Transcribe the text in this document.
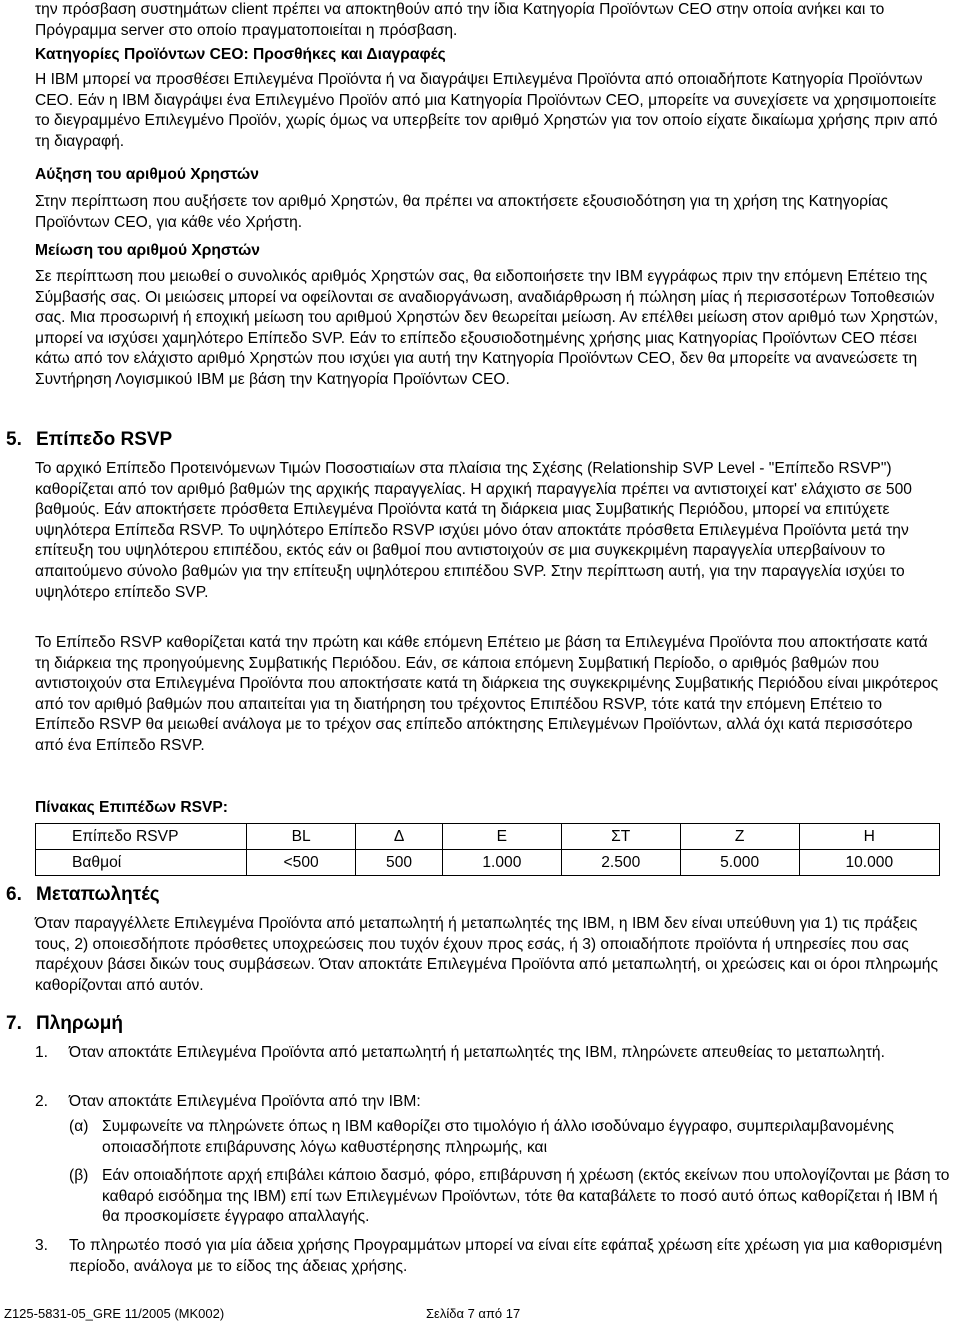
την πρόσβαση συστημάτων client πρέπει να αποκτηθούν από την ίδια Κατηγορία Προϊόντων CEO στην οποία ανήκει και το Πρόγραμμα server στο οποίο πραγματοποιείται η πρόσβαση.

Κατηγορίες Προϊόντων CEO: Προσθήκες και Διαγραφές

Η IBM μπορεί να προσθέσει Επιλεγμένα Προϊόντα ή να διαγράψει Επιλεγμένα Προϊόντα από οποιαδήποτε Κατηγορία Προϊόντων CEO. Εάν η IBM διαγράψει ένα Επιλεγμένο Προϊόν από μια Κατηγορία Προϊόντων CEO, μπορείτε να συνεχίσετε να χρησιμοποιείτε το διεγραμμένο Επιλεγμένο Προϊόν, χωρίς όμως να υπερβείτε τον αριθμό Χρηστών για τον οποίο είχατε δικαίωμα χρήσης πριν από τη διαγραφή.

Αύξηση του αριθμού Χρηστών

Στην περίπτωση που αυξήσετε τον αριθμό Χρηστών, θα πρέπει να αποκτήσετε εξουσιοδότηση για τη χρήση της Κατηγορίας Προϊόντων CEO, για κάθε νέο Χρήστη.

Μείωση του αριθμού Χρηστών

Σε περίπτωση που μειωθεί ο συνολικός αριθμός Χρηστών σας, θα ειδοποιήσετε την IBM εγγράφως πριν την επόμενη Επέτειο της Σύμβασής σας. Οι μειώσεις μπορεί να οφείλονται σε αναδιοργάνωση, αναδιάρθρωση ή πώληση μίας ή περισσοτέρων Τοποθεσιών σας. Μια προσωρινή ή εποχική μείωση του αριθμού Χρηστών δεν θεωρείται μείωση. Αν επέλθει μείωση στον αριθμό των Χρηστών, μπορεί να ισχύσει χαμηλότερο Επίπεδο SVP. Εάν το επίπεδο εξουσιοδοτημένης χρήσης μιας Κατηγορίας Προϊόντων CEO πέσει κάτω από τον ελάχιστο αριθμό Χρηστών που ισχύει για αυτή την Κατηγορία Προϊόντων CEO, δεν θα μπορείτε να ανανεώσετε τη Συντήρηση Λογισμικού IBM με βάση την Κατηγορία Προϊόντων CEO.

5. Επίπεδο RSVP

Το αρχικό Επίπεδο Προτεινόμενων Τιμών Ποσοστιαίων στα πλαίσια της Σχέσης (Relationship SVP Level - "Επίπεδο RSVP") καθορίζεται από τον αριθμό βαθμών της αρχικής παραγγελίας. Η αρχική παραγγελία πρέπει να αντιστοιχεί κατ' ελάχιστο σε 500 βαθμούς. Εάν αποκτήσετε πρόσθετα Επιλεγμένα Προϊόντα κατά τη διάρκεια μιας Συμβατικής Περιόδου, μπορεί να επιτύχετε υψηλότερα Επίπεδα RSVP. Το υψηλότερο Επίπεδο RSVP ισχύει μόνο όταν αποκτάτε πρόσθετα Επιλεγμένα Προϊόντα μετά την επίτευξη του υψηλότερου επιπέδου, εκτός εάν οι βαθμοί που αντιστοιχούν σε μια συγκεκριμένη παραγγελία υπερβαίνουν το απαιτούμενο σύνολο βαθμών για την επίτευξη υψηλότερου επιπέδου SVP. Στην περίπτωση αυτή, για την παραγγελία ισχύει το υψηλότερο επίπεδο SVP.

Το Επίπεδο RSVP καθορίζεται κατά την πρώτη και κάθε επόμενη Επέτειο με βάση τα Επιλεγμένα Προϊόντα που αποκτήσατε κατά τη διάρκεια της προηγούμενης Συμβατικής Περιόδου. Εάν, σε κάποια επόμενη Συμβατική Περίοδο, ο αριθμός βαθμών που αντιστοιχούν στα Επιλεγμένα Προϊόντα που αποκτήσατε κατά τη διάρκεια της συγκεκριμένης Συμβατικής Περιόδου είναι μικρότερος από τον αριθμό βαθμών που απαιτείται για τη διατήρηση του τρέχοντος Επιπέδου RSVP, τότε κατά την επόμενη Επέτειο το Επίπεδο RSVP θα μειωθεί ανάλογα με το τρέχον σας επίπεδο απόκτησης Επιλεγμένων Προϊόντων, αλλά όχι κατά περισσότερο από ένα Επίπεδο RSVP.

Πίνακας Επιπέδων RSVP:

Επίπεδο RSVP	BL	Δ	Ε	ΣΤ	Ζ	Η
Βαθμοί	<500	500	1.000	2.500	5.000	10.000
6. Μεταπωλητές

Όταν παραγγέλλετε Επιλεγμένα Προϊόντα από μεταπωλητή ή μεταπωλητές της IBM, η IBM δεν είναι υπεύθυνη για 1) τις πράξεις τους, 2) οποιεσδήποτε πρόσθετες υποχρεώσεις που τυχόν έχουν προς εσάς, ή 3) οποιαδήποτε προϊόντα ή υπηρεσίες που σας παρέχουν βάσει δικών τους συμβάσεων. Όταν αποκτάτε Επιλεγμένα Προϊόντα από μεταπωλητή, οι χρεώσεις και οι όροι πληρωμής καθορίζονται από αυτόν.

7. Πληρωμή
1. Όταν αποκτάτε Επιλεγμένα Προϊόντα από μεταπωλητή ή μεταπωλητές της IBM, πληρώνετε απευθείας το μεταπωλητή.

2. Όταν αποκτάτε Επιλεγμένα Προϊόντα από την IBM:

(α) Συμφωνείτε να πληρώνετε όπως η IBM καθορίζει στο τιμολόγιο ή άλλο ισοδύναμο έγγραφο, συμπεριλαμβανομένης οποιασδήποτε επιβάρυνσης λόγω καθυστέρησης πληρωμής, και

(β) Εάν οποιαδήποτε αρχή επιβάλει κάποιο δασμό, φόρο, επιβάρυνση ή χρέωση (εκτός εκείνων που υπολογίζονται με βάση το καθαρό εισόδημα της IBM) επί των Επιλεγμένων Προϊόντων, τότε θα καταβάλετε το ποσό αυτό όπως καθορίζεται ή IBM ή θα προσκομίσετε έγγραφο απαλλαγής.

3. Το πληρωτέο ποσό για μία άδεια χρήσης Προγραμμάτων μπορεί να είναι είτε εφάπαξ χρέωση είτε χρέωση για μια καθορισμένη περίοδο, ανάλογα με το είδος της άδειας χρήσης.

Z125-5831-05_GRE 11/2005 (MK002)	Σελίδα 7 από 17
